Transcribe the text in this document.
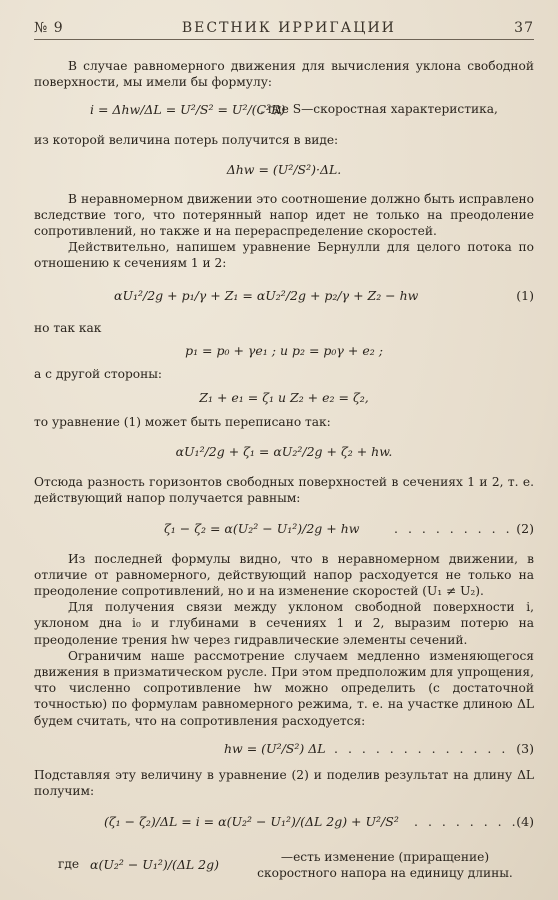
№ 9	ВЕСТНИК ИРРИГАЦИИ	37

В случае равномерного движения для вычисления уклона свободной поверхности, мы имели бы формулу:

i = Δhw/ΔL = U²/S² = U²/(C²R)
, где S—скоростная характеристика,

из которой величина потерь получится в виде:

Δhw = (U²/S²)·ΔL.

В неравномерном движении это соотношение должно быть исправлено вследствие того, что потерянный напор идет не только на преодоление сопротивлений, но также и на перераспределение скоростей.

Действительно, напишем уравнение Бернулли для целого потока по отношению к сечениям 1 и 2:

αU₁²/2g + p₁/γ + Z₁ = αU₂²/2g + p₂/γ + Z₂ − hw	(1)

но так как

p₁ = p₀ + γe₁ ; и p₂ = p₀γ + e₂ ;

а с другой стороны:

Z₁ + e₁ = ζ₁ и Z₂ + e₂ = ζ₂,

то уравнение (1) может быть переписано так:

αU₁²/2g + ζ₁ = αU₂²/2g + ζ₂ + hw.

Отсюда разность горизонтов свободных поверхностей в сечениях 1 и 2, т. е. действующий напор получается равным:

ζ₁ − ζ₂ = α(U₂² − U₁²)/2g + hw	. . . . . . . . . (2)

Из последней формулы видно, что в неравномерном движении, в отличие от равномерного, действующий напор расходуется не только на преодоление сопротивлений, но и на изменение скоростей (U₁ ≠ U₂).

Для получения связи между уклоном свободной поверхности i, уклоном дна i₀ и глубинами в сечениях 1 и 2, выразим потерю на преодоление трения hw через гидравлические элементы сечений.

Ограничим наше рассмотрение случаем медленно изменяющегося движения в призматическом русле. При этом предположим для упрощения, что численно сопротивление hw можно определить (с достаточной точностью) по формулам равномерного режима, т. е. на участке длиною ΔL будем считать, что на сопротивления расходуется:

hw = (U²/S²) ΔL . . . . . . . . . . . . . (3)

Подставляя эту величину в уравнение (2) и поделив результат на длину ΔL получим:

(ζ₁ − ζ₂)/ΔL = i = α(U₂² − U₁²)/(ΔL 2g) + U²/S² . . . . . . . .
(4)
где α(U₂² − U₁²)/(ΔL 2g)	—есть изменение (приращение) скоростного напора на единицу длины.
